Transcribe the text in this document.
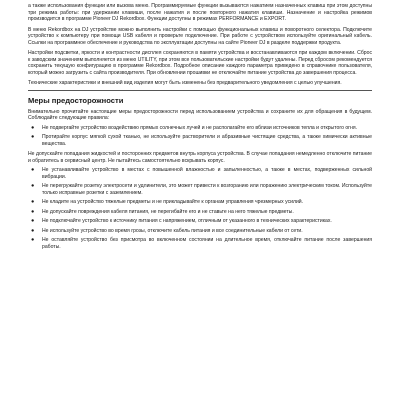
а также использования функции или вызова меню. Программируемые функции вызываются нажатием назначенных клавиш при этом доступны три режима работы: при удержании клавиши, после нажатия и после повторного нажатия клавиши. Назначение и настройка режимов производится в программе Pioneer DJ Rekordbox. Функции доступны в режимах PERFORMANCE и EXPORT.

В меню Rekordbox на DJ устройстве можно выполнить настройки с помощью функциональных клавиш и поворотного селектора. Подключите устройство к компьютеру при помощи USB кабеля и проверьте подключение. При работе с устройством используйте оригинальный кабель. Ссылки на программное обеспечение и руководства по эксплуатации доступны на сайте Pioneer DJ в разделе поддержки продукта.

Настройки подсветки, яркости и контрастности дисплея сохраняются в памяти устройства и восстанавливаются при каждом включении. Сброс к заводским значениям выполняется из меню UTILITY, при этом все пользовательские настройки будут удалены. Перед сбросом рекомендуется сохранить текущую конфигурацию в программе Rekordbox. Подробное описание каждого параметра приведено в справочнике пользователя, который можно загрузить с сайта производителя. При обновлении прошивки не отключайте питание устройства до завершения процесса.

Технические характеристики и внешний вид изделия могут быть изменены без предварительного уведомления с целью улучшения.

Меры предосторожности

Внимательно прочитайте настоящие меры предосторожности перед использованием устройства и сохраните их для обращения в будущем. Соблюдайте следующие правила:

● Не подвергайте устройство воздействию прямых солнечных лучей и не располагайте его вблизи источников тепла и открытого огня.
● Протирайте корпус мягкой сухой тканью, не используйте растворители и абразивные чистящие средства, а также химически активные вещества.

Не допускайте попадания жидкостей и посторонних предметов внутрь корпуса устройства. В случае попадания немедленно отключите питание и обратитесь в сервисный центр. Не пытайтесь самостоятельно вскрывать корпус.

● Не устанавливайте устройство в местах с повышенной влажностью и запыленностью, а также в местах, подверженных сильной вибрации.
● Не перегружайте розетку электросети и удлинители, это может привести к возгоранию или поражению электрическим током. Используйте только исправные розетки с заземлением.
● Не кладите на устройство тяжелые предметы и не прикладывайте к органам управления чрезмерных усилий.
● Не допускайте повреждения кабеля питания, не перегибайте его и не ставьте на него тяжелые предметы.
● Не подключайте устройство к источнику питания с напряжением, отличным от указанного в технических характеристиках.
● Не используйте устройство во время грозы, отключите кабель питания и все соединительные кабели от сети.
● Не оставляйте устройство без присмотра во включенном состоянии на длительное время, отключайте питание после завершения работы.
